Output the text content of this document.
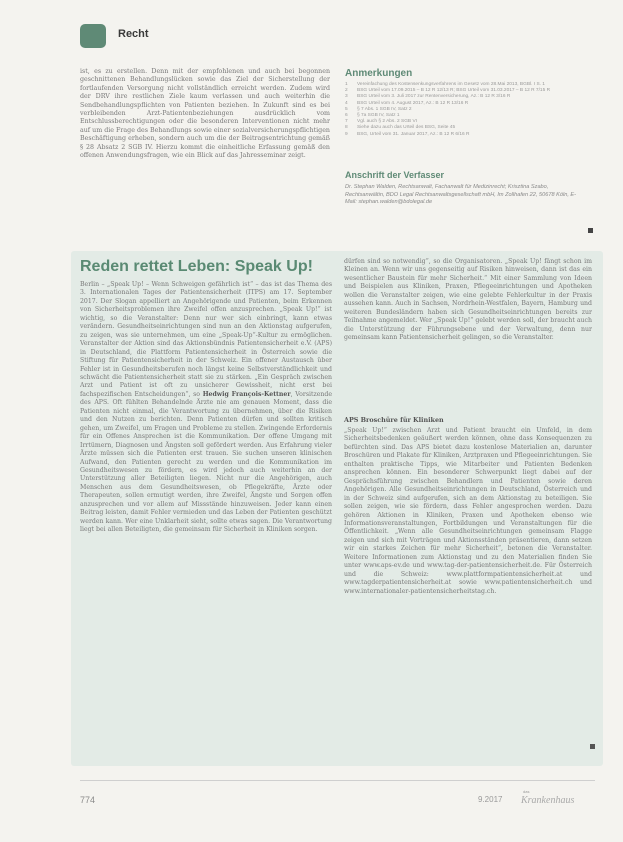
Recht
ist, es zu erstellen. Denn mit der empfohlenen und auch bei begonnen geschnittenen Behandlungslücken sowie das Ziel der Sicherstellung der fortlaufenden Versorgung nicht vollständlich erreicht werden. Zudem wird der DRV ihre restlichen Ziele kaum verlassen und auch weiterhin die Sendbehandlungspflichten von Patienten beziehen. In Zukunft sind es bei verbleibenden Arzt-Patientenbeziehungen ausdrücklich vom Entschlussberechtigungen oder die besonderen Interventionen nicht mehr auf um die Frage des Behandlungs sowie einer sozialversicherungspflichtigen Beschäftigung erheben, sondern auch um die der Beitragsentrichtung gemäß § 28 Absatz 2 SGB IV. Hierzu kommt die einheitliche Erfassung gemäß den offenen Anwendungsfragen, wie ein Blick auf das Jahresseminar zeigt.
Anmerkungen
1	Vereinfachung des Kostensenkungsverfahrens im Gesetz vom 28.Mai 2013, BGBl. I S. 1
2	BSG Urteil vom 17.09.2015 – B 12 R 12/13 R; BSG Urteil vom 31.03.2017 – B 12 R 7/15 R
3	BSG Urteil vom 3. Juli 2017 zur Rentenversicherung, Az.: B 12 R 3/16 R
4	BSG Urteil vom 4. August 2017, Az.: B 12 R 13/16 R
5	§ 7 Abs. 1 SGB IV, Satz 2
6	§ 7a SGB IV, Satz 1
7	Vgl. auch § 2 Abs. 2 SGB VI
8	Siehe dazu auch das Urteil des BSG, Seite 45
9	BSG, Urteil vom 31. Januar 2017, Az.: B 12 R 6/16 R
Anschrift der Verfasser
Dr. Stephan Walden, Rechtsanwalt, Fachanwalt für Medizinrecht; Krisztina Szabo, Rechtsanwältin, BDO Legal Rechtsanwaltsgesellschaft mbH, Im Zollhafen 22, 50678 Köln, E-Mail: stephan.walden@bdolegal.de
Reden rettet Leben: Speak Up!
Berlin – „Speak Up! – Wenn Schweigen gefährlich ist“ – das ist das Thema des 3. Internationalen Tages der Patientensicherheit (ITPS) am 17. September 2017. Der Slogan appelliert an Angehörigende und Patienten, beim Erkennen von Sicherheitsproblemen ihre Zweifel offen anzusprechen. „Speak Up!“ ist wichtig, so die Veranstalter: Denn nur wer sich einbringt, kann etwas verändern. Gesundheitseinrichtungen sind nun an den Aktionstag aufgerufen, zu zeigen, was sie unternehmen, um eine „Speak-Up“-Kultur zu ermöglichen. Veranstalter der Aktion sind das Aktionsbündnis Patientensicherheit e.V. (APS) in Deutschland, die Plattform Patientensicherheit in Österreich sowie die Stiftung für Patientensicherheit in der Schweiz. Ein offener Austausch über Fehler ist in Gesundheitsberufen noch längst keine Selbstverständlichkeit und schwächt die Patientensicherheit statt sie zu stärken. „Ein Gespräch zwischen Arzt und Patient ist oft zu unsicherer Gewissheit, nicht erst bei fachspezifischen Entscheidungen“, so Hedwig François-Kettner, Vorsitzende des APS. Oft fühlten Behandelnde Ärzte nie am genauen Moment, dass die Patienten nicht einmal, die Verantwortung zu übernehmen, über die Risiken und den Nutzen zu berichten. Denn Patienten dürfen und sollten kritisch gehen, um Zweifel, um Fragen und Probleme zu stellen. Zwingende Erfordernis für ein Offenes Ansprechen ist die Kommunikation. Der offene Umgang mit Irrtümern, Diagnosen und Ängsten soll gefördert werden. Aus Erfahrung vieler Ärzte müssen sich die Patienten erst trauen. Sie suchen unseren klinischen Aufwand, den Patienten gerecht zu werden und die Kommunikation im Gesundheitswesen zu fördern, es wird jedoch auch weiterhin an der Unterstützung aller Beteiligten liegen. Nicht nur die Angehörigen, auch Menschen aus dem Gesundheitswesen, ob Pflegekräfte, Ärzte oder Therapeuten, sollen ermutigt werden, ihre Zweifel, Ängste und Sorgen offen anzusprechen und vor allem auf Missstände hinzuweisen. Jeder kann einen Beitrag leisten, damit Fehler vermieden und das Leben der Patienten geschützt werden kann. Wer eine Unklarheit sieht, sollte etwas sagen. Die Verantwortung liegt bei allen Beteiligten, die gemeinsam für Sicherheit in Kliniken sorgen.
dürfen sind so notwendig“, so die Organisatoren. „Speak Up! fängt schon im Kleinen an. Wenn wir uns gegenseitig auf Risiken hinweisen, dann ist das ein wesentlicher Baustein für mehr Sicherheit.“ Mit einer Sammlung von Ideen und Beispielen aus Kliniken, Praxen, Pflegeeinrichtungen und Apotheken wollen die Veranstalter zeigen, wie eine gelebte Fehlerkultur in der Praxis aussehen kann. Auch in Sachsen, Nordrhein-Westfalen, Bayern, Hamburg und weiteren Bundesländern haben sich Gesundheitseinrichtungen bereits zur Teilnahme angemeldet. Wer „Speak Up!“ gelebt werden soll, der braucht auch die Unterstützung der Führungsebene und der Verwaltung, denn nur gemeinsam kann Patientensicherheit gelingen, so die Veranstalter.
APS Broschüre für Kliniken
„Speak Up!“ zwischen Arzt und Patient braucht ein Umfeld, in dem Sicherheitsbedenken geäußert werden können, ohne dass Konsequenzen zu befürchten sind. Das APS bietet dazu kostenlose Materialien an, darunter Broschüren und Plakate für Kliniken, Arztpraxen und Pflegeeinrichtungen. Sie enthalten praktische Tipps, wie Mitarbeiter und Patienten Bedenken ansprechen können. Ein besonderer Schwerpunkt liegt dabei auf der Gesprächsführung zwischen Behandlern und Patienten sowie deren Angehörigen. Alle Gesundheitseinrichtungen in Deutschland, Österreich und in der Schweiz sind aufgerufen, sich an dem Aktionstag zu beteiligen. Sie sollen zeigen, wie sie fördern, dass Fehler angesprochen werden. Dazu gehören Aktionen in Kliniken, Praxen und Apotheken ebenso wie Informationsveranstaltungen, Fortbildungen und Veranstaltungen für die Öffentlichkeit. „Wenn alle Gesundheitseinrichtungen gemeinsam Flagge zeigen und sich mit Vorträgen und Aktionsständen präsentieren, dann setzen wir ein starkes Zeichen für mehr Sicherheit“, betonen die Veranstalter. Weitere Informationen zum Aktionstag und zu den Materialien finden Sie unter www.aps-ev.de und www.tag-der-patientensicherheit.de. Für Österreich und die Schweiz: www.plattformpatientensicherheit.at und www.tagderpatientensicherheit.at sowie www.patientensicherheit.ch und www.internationaler-patientensicherheitstag.ch.
774	9.2017
das
Krankenhaus
